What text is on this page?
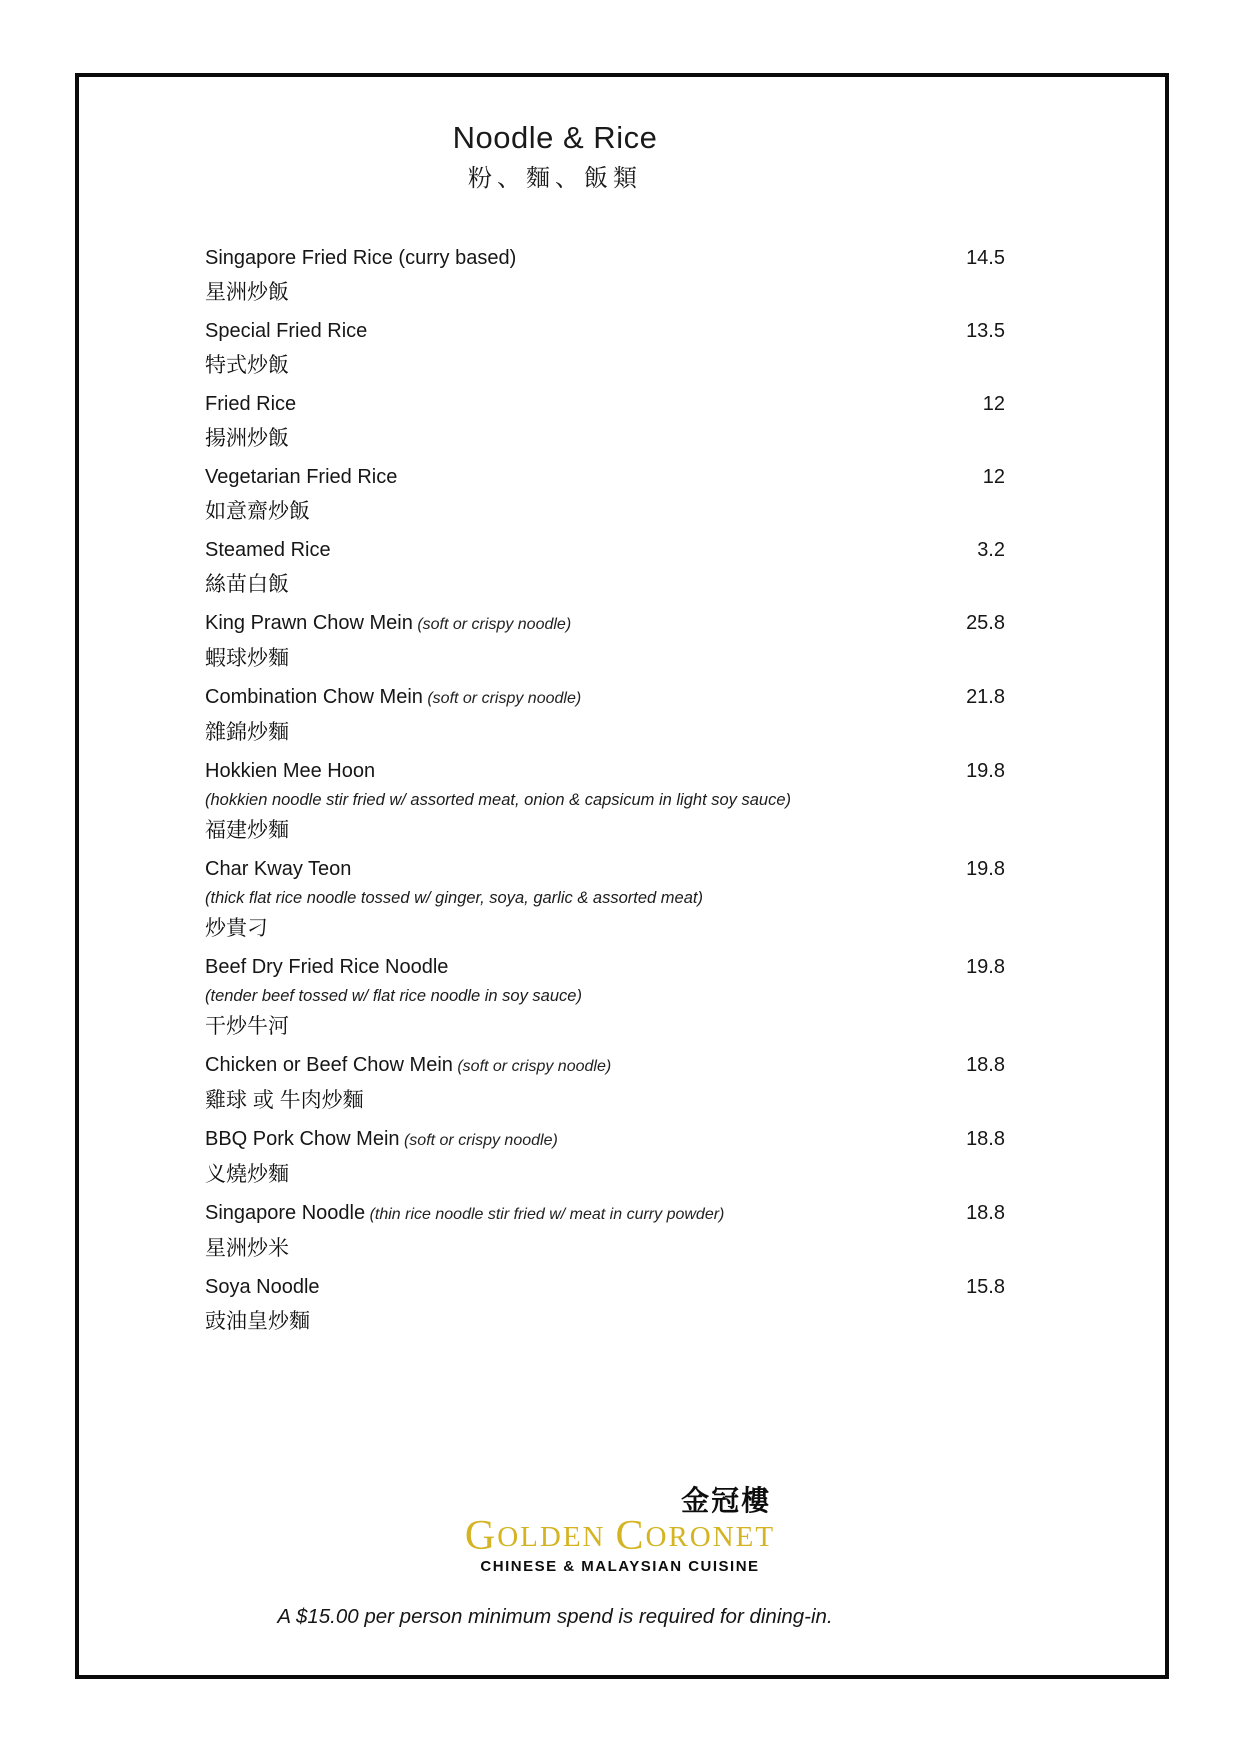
Noodle & Rice
粉、麵、飯類
Singapore Fried Rice (curry based)
星洲炒飯
14.5
Special Fried Rice
特式炒飯
13.5
Fried Rice
揚洲炒飯
12
Vegetarian Fried Rice
如意齋炒飯
12
Steamed Rice
絲苗白飯
3.2
King Prawn Chow Mein (soft or crispy noodle)
蝦球炒麵
25.8
Combination Chow Mein (soft or crispy noodle)
雜錦炒麵
21.8
Hokkien Mee Hoon
(hokkien noodle stir fried w/ assorted meat, onion & capsicum in light soy sauce)
福建炒麵
19.8
Char Kway Teon
(thick flat rice noodle tossed w/ ginger, soya, garlic & assorted meat)
炒貴刁
19.8
Beef Dry Fried Rice Noodle
(tender beef tossed w/ flat rice noodle in soy sauce)
干炒牛河
19.8
Chicken or Beef Chow Mein (soft or crispy noodle)
雞球 或 牛肉炒麵
18.8
BBQ Pork Chow Mein (soft or crispy noodle)
义燒炒麵
18.8
Singapore Noodle (thin rice noodle stir fried w/ meat in curry powder)
星洲炒米
18.8
Soya Noodle
豉油皇炒麵
15.8
金冠樓
GOLDEN CORONET
CHINESE & MALAYSIAN CUISINE
A $15.00 per person minimum spend is required for dining-in.
